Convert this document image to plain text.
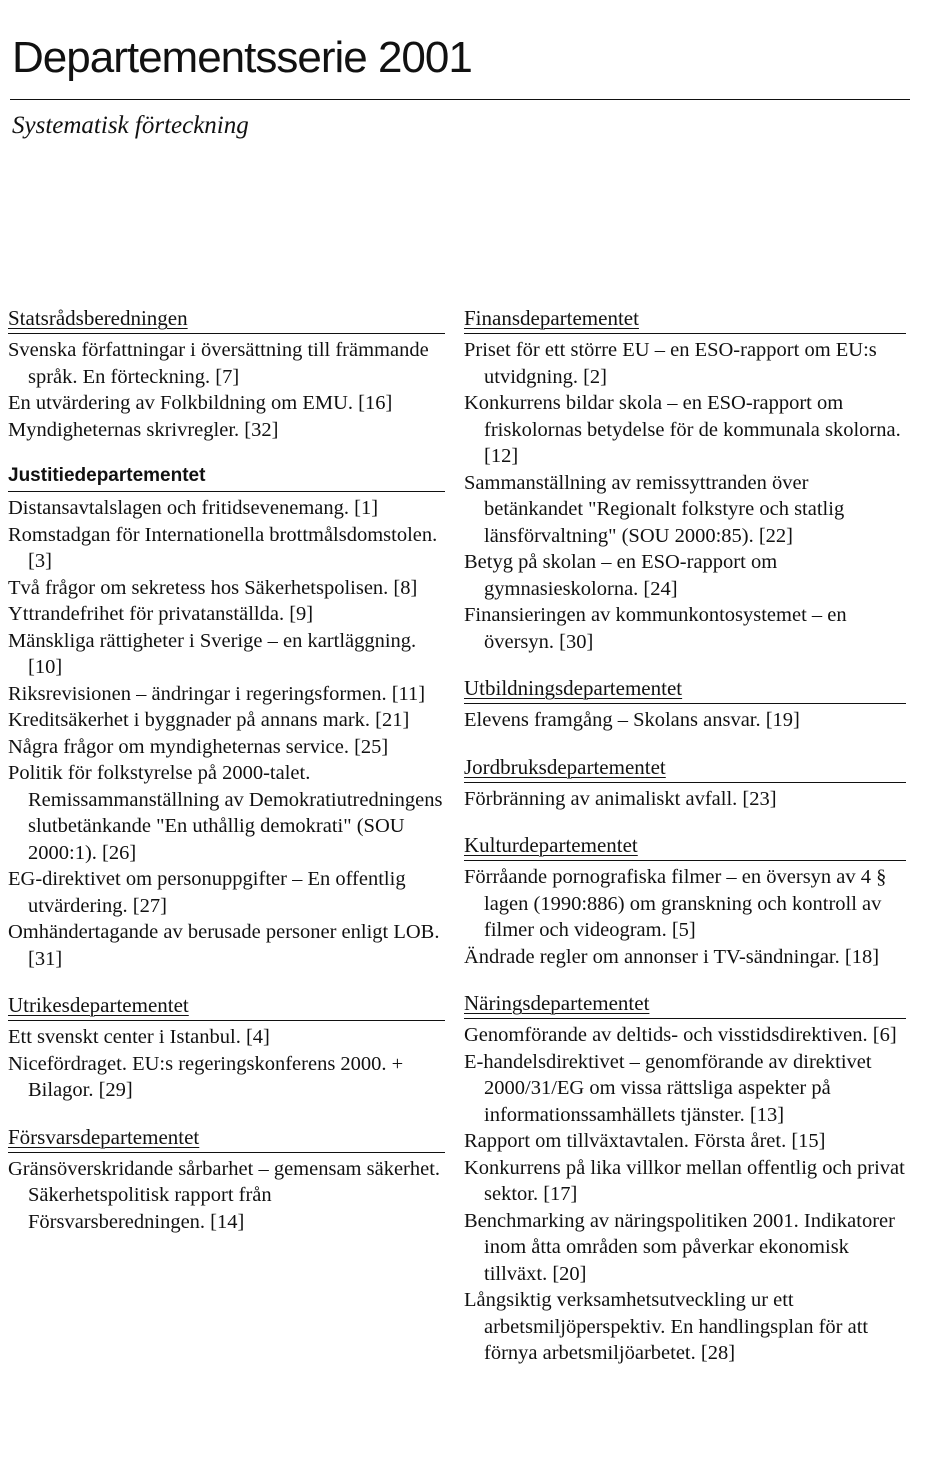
Departementsserie 2001
Systematisk förteckning
Statsrådsberedningen
Svenska författningar i översättning till främmande språk. En förteckning. [7]
En utvärdering av Folkbildning om EMU. [16]
Myndigheternas skrivregler. [32]
Justitiedepartementet
Distansavtalslagen och fritidsevenemang. [1]
Romstadgan för Internationella brottmålsdomstolen. [3]
Två frågor om sekretess hos Säkerhetspolisen. [8]
Yttrandefrihet för privatanställda. [9]
Mänskliga rättigheter i Sverige – en kartläggning. [10]
Riksrevisionen – ändringar i regeringsformen. [11]
Kreditsäkerhet i byggnader på annans mark. [21]
Några frågor om myndigheternas service. [25]
Politik för folkstyrelse på 2000-talet. Remissammanställning av Demokratiutredningens slutbetänkande "En uthållig demokrati" (SOU 2000:1). [26]
EG-direktivet om personuppgifter – En offentlig utvärdering. [27]
Omhändertagande av berusade personer enligt LOB. [31]
Utrikesdepartementet
Ett svenskt center i Istanbul. [4]
Nicefördraget. EU:s regeringskonferens 2000. + Bilagor. [29]
Försvarsdepartementet
Gränsöverskridande sårbarhet – gemensam säkerhet. Säkerhetspolitisk rapport från Försvarsberedningen. [14]
Finansdepartementet
Priset för ett större EU – en ESO-rapport om EU:s utvidgning. [2]
Konkurrens bildar skola – en ESO-rapport om friskolornas betydelse för de kommunala skolorna. [12]
Sammanställning av remissyttranden över betänkandet "Regionalt folkstyre och statlig länsförvaltning" (SOU 2000:85). [22]
Betyg på skolan – en ESO-rapport om gymnasieskolorna. [24]
Finansieringen av kommunkontosystemet – en översyn. [30]
Utbildningsdepartementet
Elevens framgång – Skolans ansvar. [19]
Jordbruksdepartementet
Förbränning av animaliskt avfall. [23]
Kulturdepartementet
Förråande pornografiska filmer – en översyn av 4 § lagen (1990:886) om granskning och kontroll av filmer och videogram. [5]
Ändrade regler om annonser i TV-sändningar. [18]
Näringsdepartementet
Genomförande av deltids- och visstidsdirektiven. [6]
E-handelsdirektivet – genomförande av direktivet 2000/31/EG om vissa rättsliga aspekter på informationssamhällets tjänster. [13]
Rapport om tillväxtavtalen. Första året. [15]
Konkurrens på lika villkor mellan offentlig och privat sektor. [17]
Benchmarking av näringspolitiken 2001. Indikatorer inom åtta områden som påverkar ekonomisk tillväxt. [20]
Långsiktig verksamhetsutveckling ur ett arbetsmiljöperspektiv. En handlingsplan för att förnya arbetsmiljöarbetet. [28]
